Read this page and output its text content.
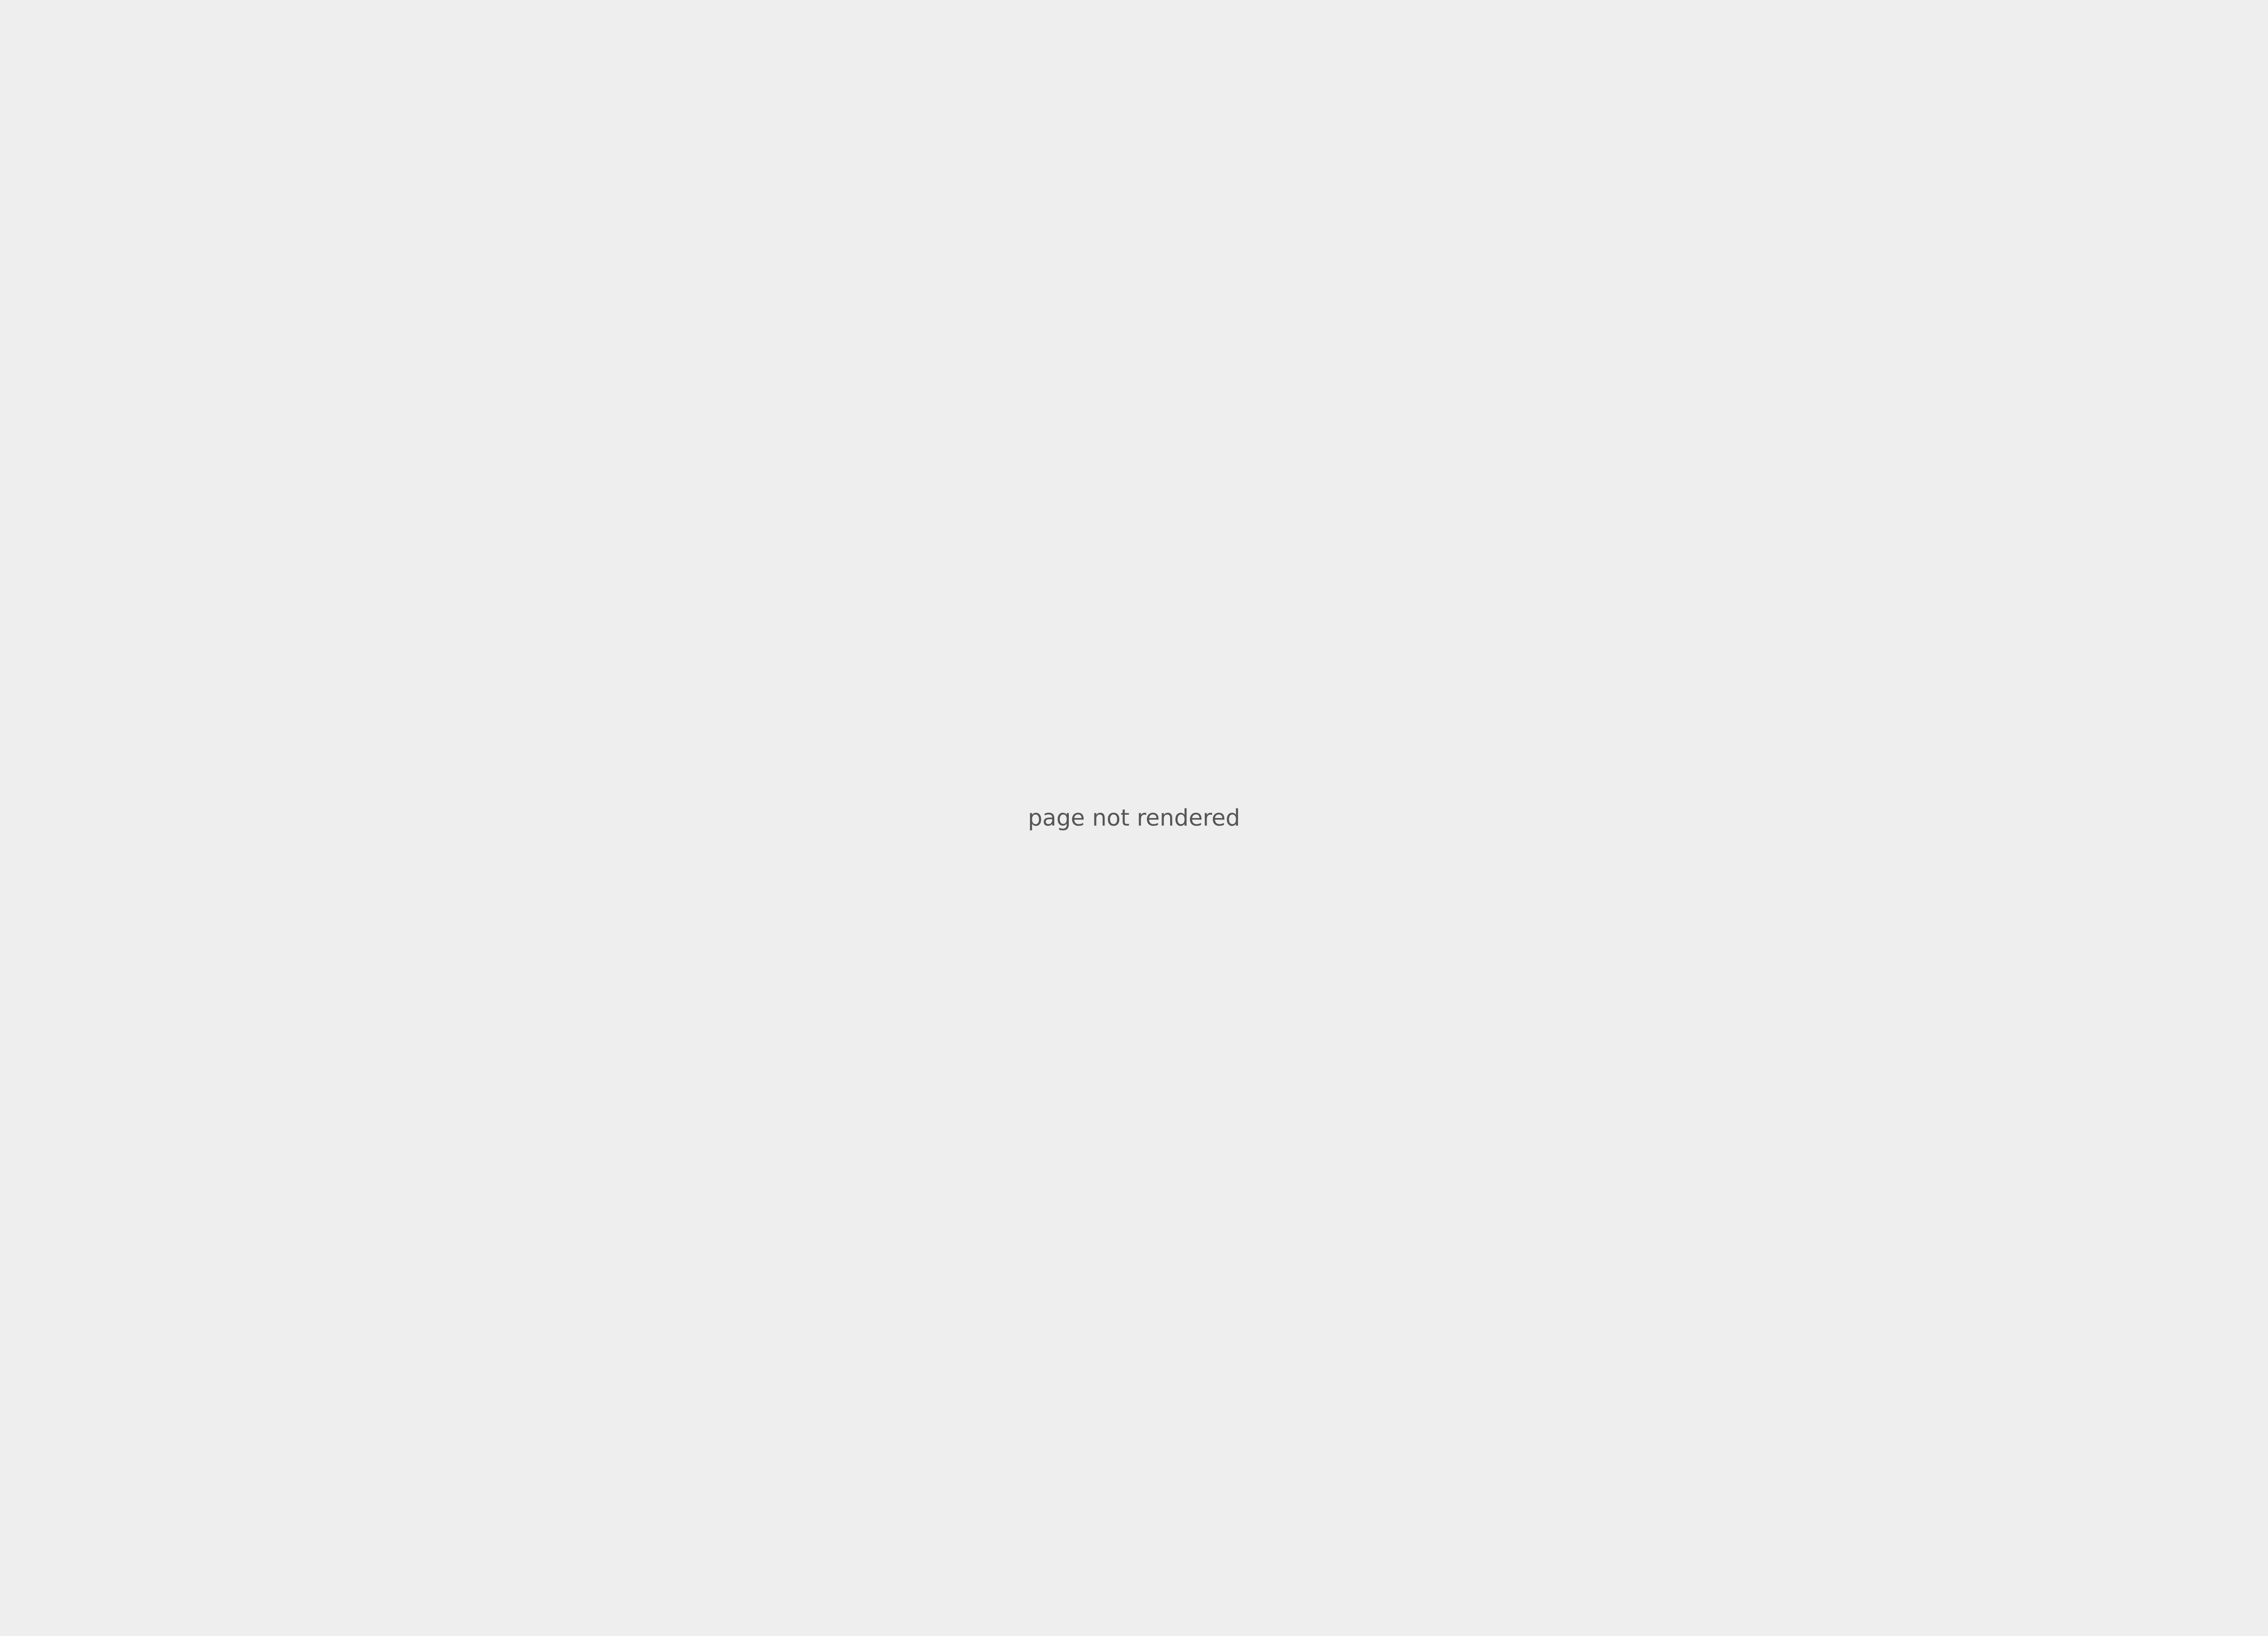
page not rendered
